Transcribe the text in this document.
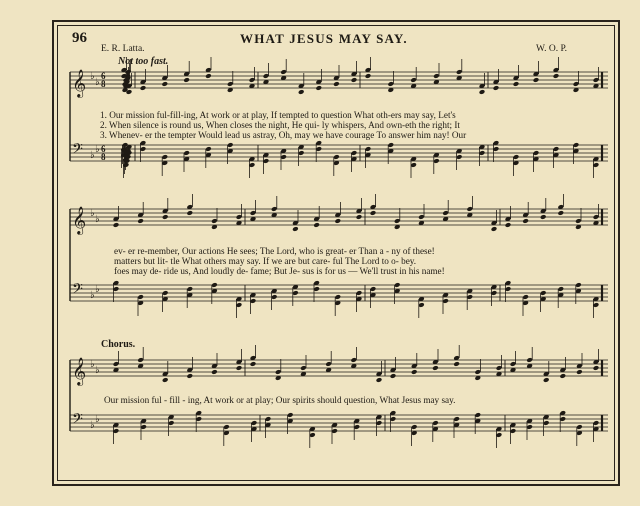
96	WHAT JESUS MAY SAY.
E. R. Latta.	W. O. P.
Not too fast.
𝄞 ♭
♭
6
8
𝄢 ♭
♭ 6
8
𝄞 ♭
♭
𝄢 ♭
♭
𝄞 ♭
♭
𝄢 ♭
♭
1. Our mission ful-fill-ing, At work or at play, If tempted to question What oth-ers may say, Let's
2. When silence is round us, When closes the night, He qui- ly whispers, And own-eth the right; It
3. Whenev- er the tempter Would lead us astray, Oh, may we have courage To answer him nay! Our
ev- er re-member, Our actions He sees; The Lord, who is great- er Than a - ny of these!
matters but lit- tle What others may say. If we are but care- ful The Lord to o- bey.
foes may de- ride us, And loudly de- fame; But Je- sus is for us — We'll trust in his name!
Chorus.
Our mission ful - fill - ing, At work or at play; Our spirits should question, What Jesus may say.
